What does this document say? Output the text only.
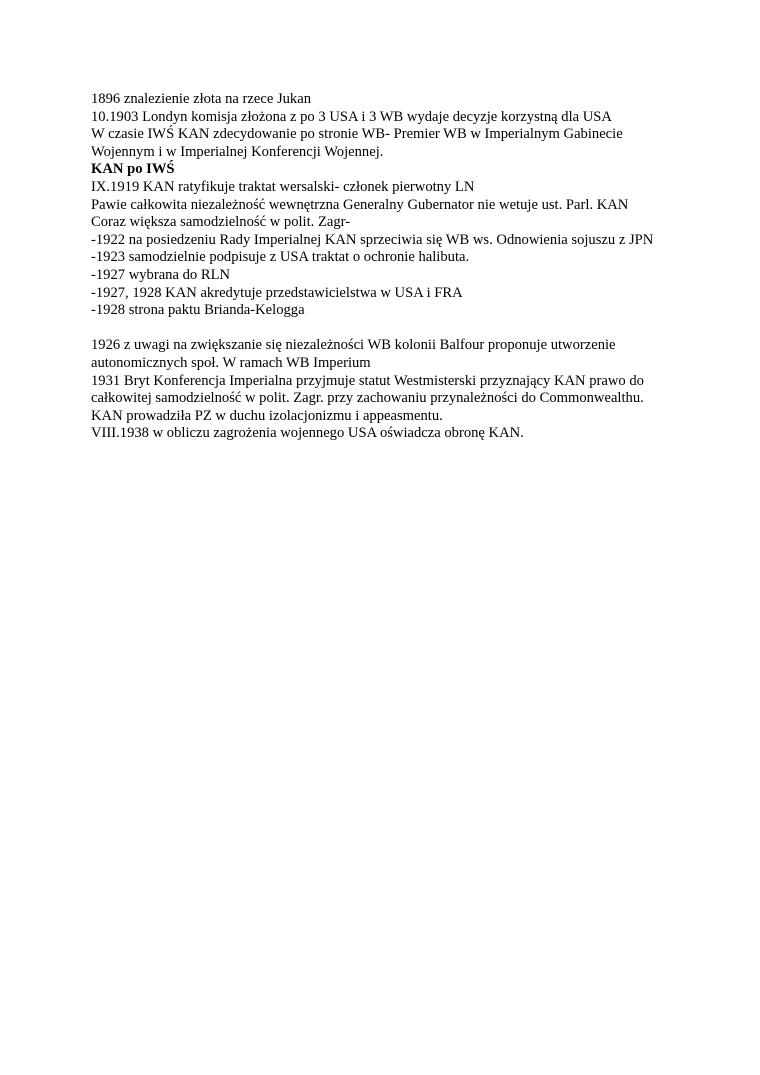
1896 znalezienie złota na rzece Jukan

10.1903 Londyn komisja złożona z po 3 USA i 3 WB wydaje decyzje korzystną dla USA

W czasie IWŚ KAN zdecydowanie po stronie WB- Premier WB w Imperialnym Gabinecie Wojennym i w Imperialnej Konferencji Wojennej.

KAN po IWŚ

IX.1919 KAN ratyfikuje traktat wersalski- członek pierwotny LN

Pawie całkowita niezależność wewnętrzna Generalny Gubernator nie wetuje ust. Parl. KAN

Coraz większa samodzielność w polit. Zagr-

-1922 na posiedzeniu Rady Imperialnej KAN sprzeciwia się WB ws. Odnowienia sojuszu z JPN

-1923 samodzielnie podpisuje z USA traktat o ochronie halibuta.

-1927 wybrana do RLN

-1927, 1928 KAN akredytuje przedstawicielstwa w USA i FRA

-1928 strona paktu Brianda-Kelogga

1926 z uwagi na zwiększanie się niezależności WB kolonii Balfour proponuje utworzenie autonomicznych społ. W ramach WB Imperium

1931 Bryt Konferencja Imperialna przyjmuje statut Westmisterski przyznający KAN prawo do całkowitej samodzielność w polit. Zagr. przy zachowaniu przynależności do Commonwealthu.

KAN prowadziła PZ w duchu izolacjonizmu i appeasmentu.

VIII.1938 w obliczu zagrożenia wojennego USA oświadcza obronę KAN.
